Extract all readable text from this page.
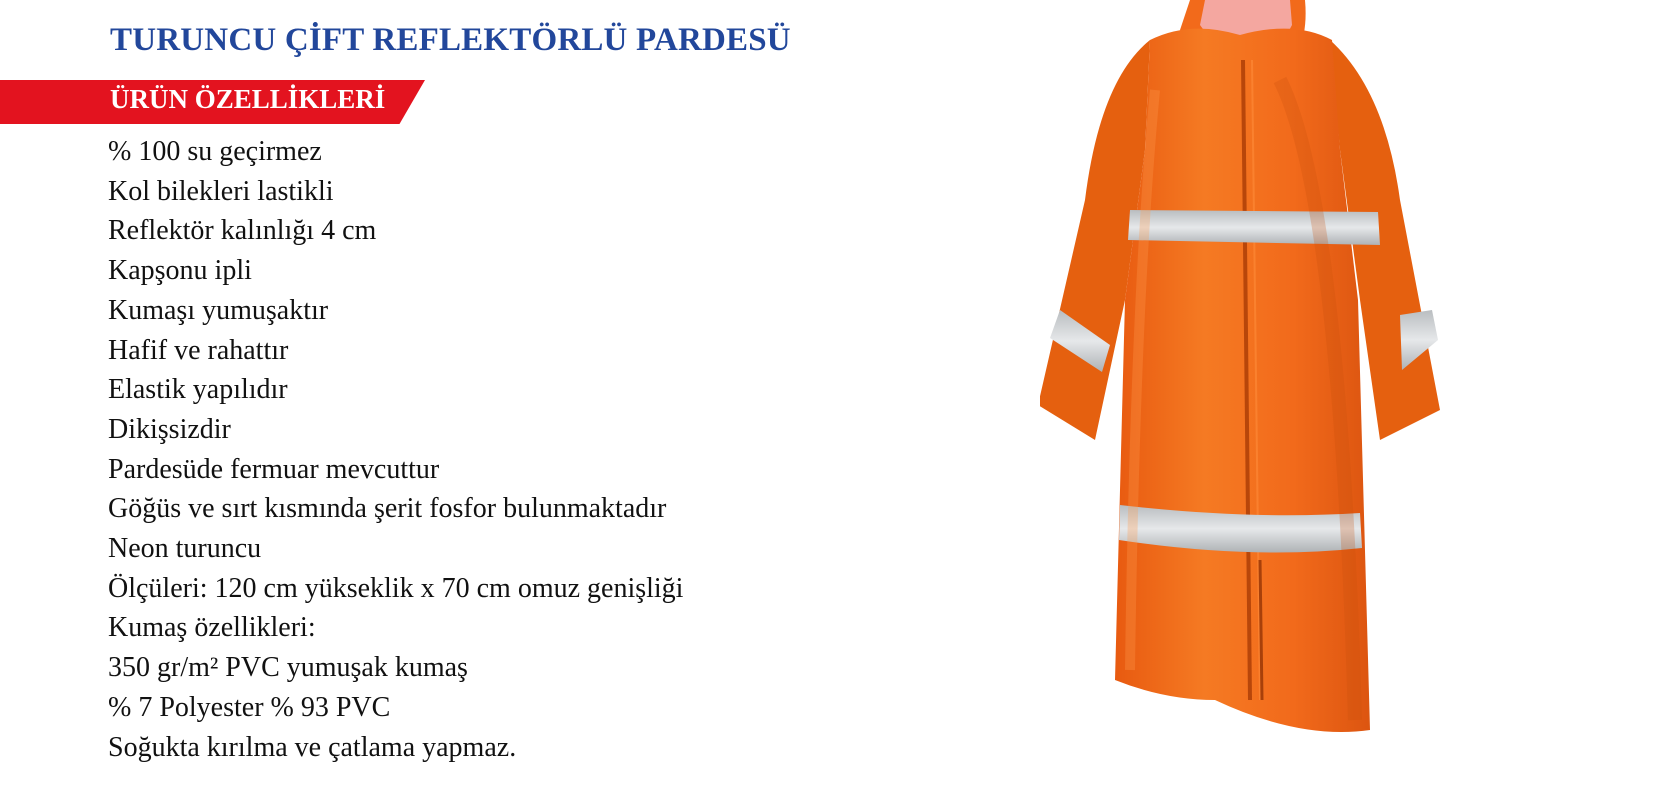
TURUNCU ÇİFT REFLEKTÖRLÜ PARDESÜ
ÜRÜN ÖZELLİKLERİ
% 100 su geçirmez
Kol bilekleri lastikli
Reflektör kalınlığı 4 cm
Kapşonu ipli
Kumaşı yumuşaktır
Hafif ve rahattır
Elastik yapılıdır
Dikişsizdir
Pardesüde fermuar mevcuttur
Göğüs ve sırt kısmında şerit fosfor bulunmaktadır
Neon turuncu
Ölçüleri: 120 cm yükseklik x 70 cm omuz genişliği
Kumaş özellikleri:
350 gr/m² PVC yumuşak kumaş
% 7 Polyester % 93 PVC
Soğukta kırılma ve çatlama yapmaz.
